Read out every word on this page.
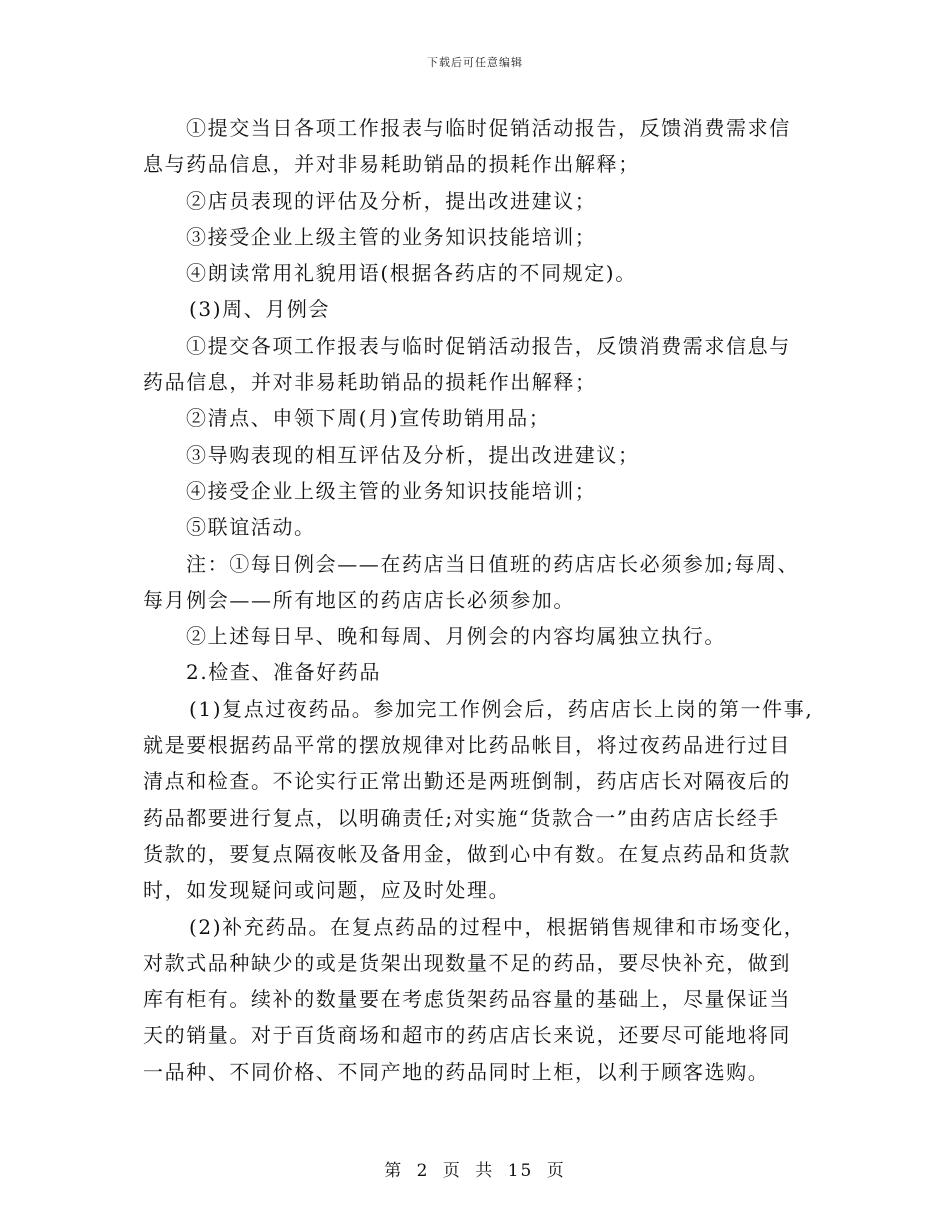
下载后可任意编辑
①提交当日各项工作报表与临时促销活动报告，反馈消费需求信
息与药品信息，并对非易耗助销品的损耗作出解释；
②店员表现的评估及分析，提出改进建议；
③接受企业上级主管的业务知识技能培训；
④朗读常用礼貌用语(根据各药店的不同规定)。
(3)周、月例会
①提交各项工作报表与临时促销活动报告，反馈消费需求信息与
药品信息，并对非易耗助销品的损耗作出解释；
②清点、申领下周(月)宣传助销用品；
③导购表现的相互评估及分析，提出改进建议；
④接受企业上级主管的业务知识技能培训；
⑤联谊活动。
注：①每日例会——在药店当日值班的药店店长必须参加;每周、
每月例会——所有地区的药店店长必须参加。
②上述每日早、晚和每周、月例会的内容均属独立执行。
2.检查、准备好药品
(1)复点过夜药品。参加完工作例会后，药店店长上岗的第一件事,
就是要根据药品平常的摆放规律对比药品帐目，将过夜药品进行过目
清点和检查。不论实行正常出勤还是两班倒制，药店店长对隔夜后的
药品都要进行复点，以明确责任;对实施“货款合一”由药店店长经手
货款的，要复点隔夜帐及备用金，做到心中有数。在复点药品和货款
时，如发现疑问或问题，应及时处理。
(2)补充药品。在复点药品的过程中，根据销售规律和市场变化，
对款式品种缺少的或是货架出现数量不足的药品，要尽快补充，做到
库有柜有。续补的数量要在考虑货架药品容量的基础上，尽量保证当
天的销量。对于百货商场和超市的药店店长来说，还要尽可能地将同
一品种、不同价格、不同产地的药品同时上柜，以利于顾客选购。
第 2 页 共 15 页
